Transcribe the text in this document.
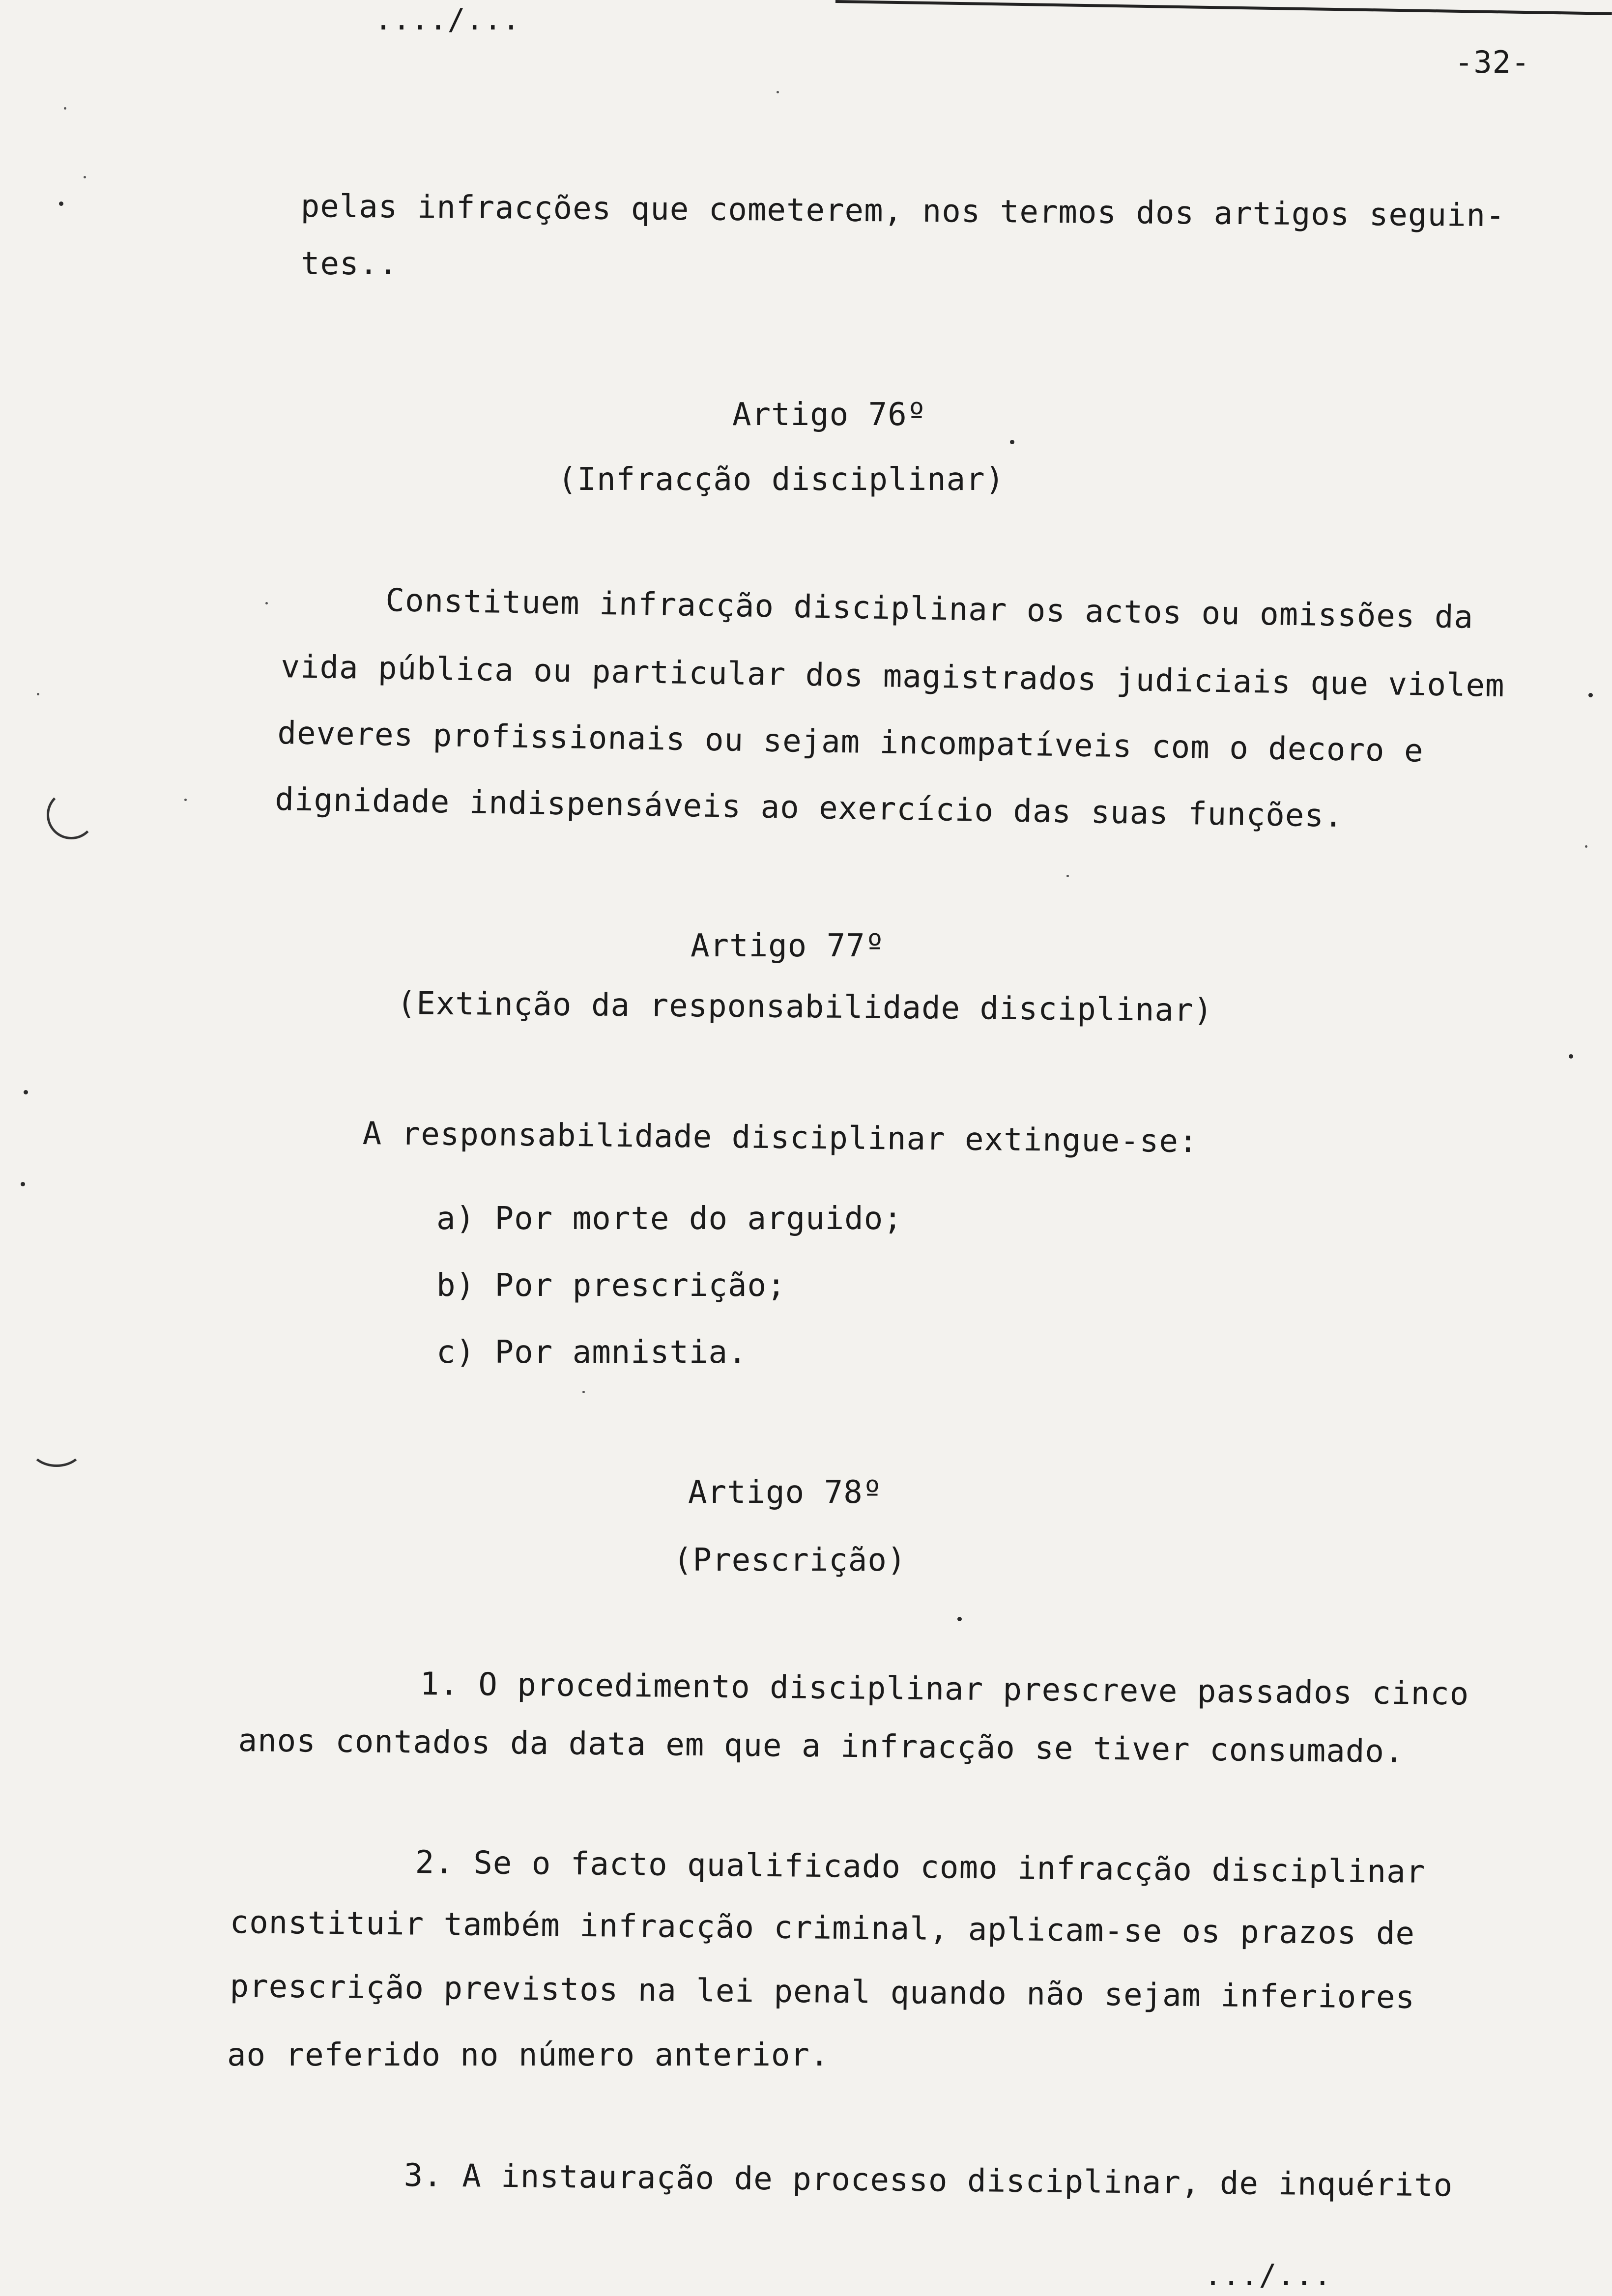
..../...
-32-
pelas infracções que cometerem, nos termos dos artigos seguin-
tes..
Artigo 76º
(Infracção disciplinar)
Constituem infracção disciplinar os actos ou omissões da
vida pública ou particular dos magistrados judiciais que violem
deveres profissionais ou sejam incompatíveis com o decoro e
dignidade indispensáveis ao exercício das suas funções.
Artigo 77º
(Extinção da responsabilidade disciplinar)
A responsabilidade disciplinar extingue-se:
a) Por morte do arguido;
b) Por prescrição;
c) Por amnistia.
Artigo 78º
(Prescrição)
1. O procedimento disciplinar prescreve passados cinco
anos contados da data em que a infracção se tiver consumado.
2. Se o facto qualificado como infracção disciplinar
constituir também infracção criminal, aplicam-se os prazos de
prescrição previstos na lei penal quando não sejam inferiores
ao referido no número anterior.
3. A instauração de processo disciplinar, de inquérito
.../...
